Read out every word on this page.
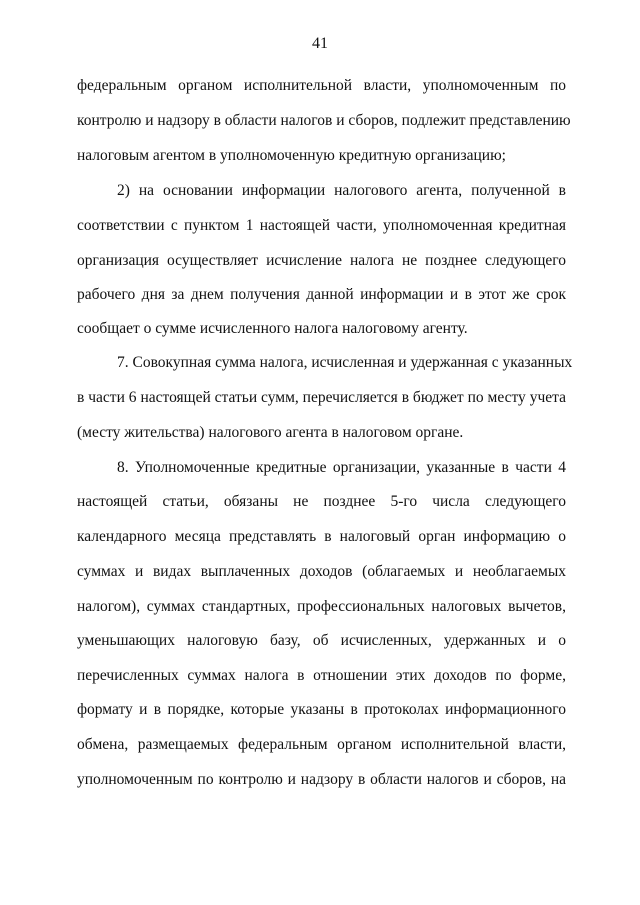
41
федеральным органом исполнительной власти, уполномоченным по
контролю и надзору в области налогов и сборов, подлежит представлению
налоговым агентом в уполномоченную кредитную организацию;
2) на основании информации налогового агента, полученной в
соответствии с пунктом 1 настоящей части, уполномоченная кредитная
организация осуществляет исчисление налога не позднее следующего
рабочего дня за днем получения данной информации и в этот же срок
сообщает о сумме исчисленного налога налоговому агенту.
7. Совокупная сумма налога, исчисленная и удержанная с указанных
в части 6 настоящей статьи сумм, перечисляется в бюджет по месту учета
(месту жительства) налогового агента в налоговом органе.
8. Уполномоченные кредитные организации, указанные в части 4
настоящей статьи, обязаны не позднее 5-го числа следующего
календарного месяца представлять в налоговый орган информацию о
суммах и видах выплаченных доходов (облагаемых и необлагаемых
налогом), суммах стандартных, профессиональных налоговых вычетов,
уменьшающих налоговую базу, об исчисленных, удержанных и о
перечисленных суммах налога в отношении этих доходов по форме,
формату и в порядке, которые указаны в протоколах информационного
обмена, размещаемых федеральным органом исполнительной власти,
уполномоченным по контролю и надзору в области налогов и сборов, на
